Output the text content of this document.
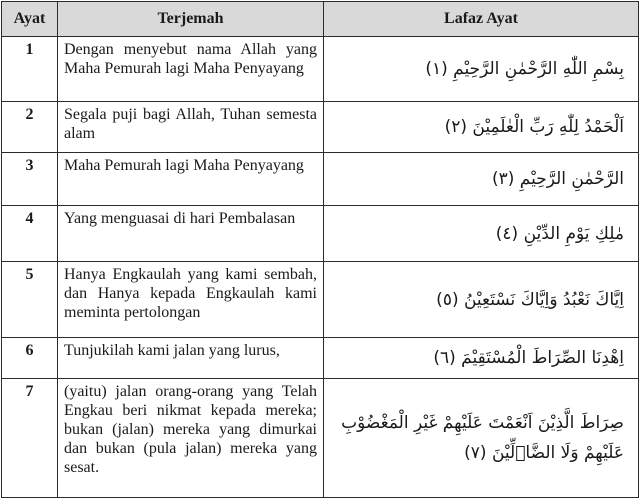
Ayat	Terjemah	Lafaz Ayat
1	Dengan menyebut nama Allah yang Maha Pemurah lagi Maha Penyayang	بِسْمِ اللّٰهِ الرَّحْمٰنِ الرَّحِيْمِ (١)

2	Segala puji bagi Allah, Tuhan semesta alam	اَلْحَمْدُ لِلّٰهِ رَبِّ الْعٰلَمِيْنَ (٢)

3	Maha Pemurah lagi Maha Penyayang	الرَّحْمٰنِ الرَّحِيْمِ (٣)

4	Yang menguasai di hari Pembalasan	مٰلِكِ يَوْمِ الدِّيْنِ (٤)

5	Hanya Engkaulah yang kami sembah, dan Hanya kepada Engkaulah kami meminta pertolongan	اِيَّاكَ نَعْبُدُ وَاِيَّاكَ نَسْتَعِيْنُ (٥)

6	Tunjukilah kami jalan yang lurus,	اِهْدِنَا الصِّرَاطَ الْمُسْتَقِيْمَ (٦)

7	(yaitu) jalan orang-orang yang Telah Engkau beri nikmat kepada mereka; bukan (jalan) mereka yang dimurkai dan bukan (pula jalan) mereka yang sesat.	صِرَاطَ الَّذِيْنَ اَنْعَمْتَ عَلَيْهِمْ غَيْرِ الْمَغْضُوْبِ
عَلَيْهِمْ وَلَا الضَّاۤلِّيْنَ (٧)
